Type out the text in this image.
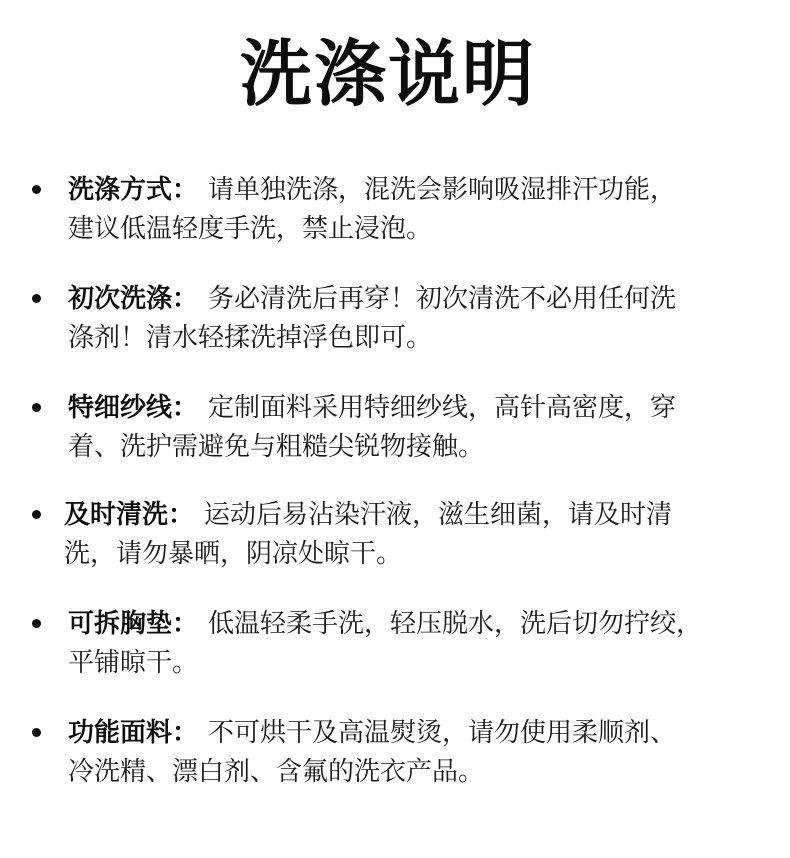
洗涤说明
洗涤方式： 请单独洗涤，混洗会影响吸湿排汗功能，
建议低温轻度手洗，禁止浸泡。
初次洗涤： 务必清洗后再穿！初次清洗不必用任何洗
涤剂！清水轻揉洗掉浮色即可。
特细纱线： 定制面料采用特细纱线，高针高密度，穿
着、洗护需避免与粗糙尖锐物接触。
及时清洗： 运动后易沾染汗液，滋生细菌，请及时清
洗，请勿暴晒，阴凉处晾干。
可拆胸垫： 低温轻柔手洗，轻压脱水，洗后切勿拧绞，
平铺晾干。
功能面料： 不可烘干及高温熨烫，请勿使用柔顺剂、
冷洗精、漂白剂、含氟的洗衣产品。
